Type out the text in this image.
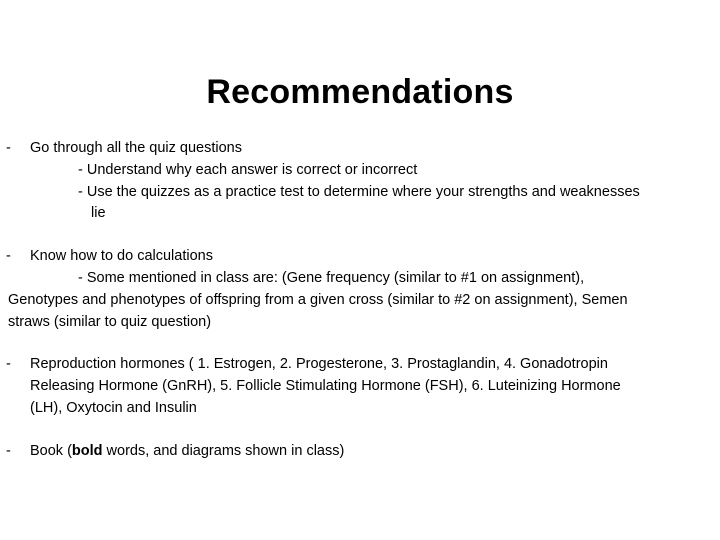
Recommendations
- Go through all the quiz questions
- Understand why each answer is correct or incorrect
- Use the quizzes as a practice test to determine where your strengths and weaknesses
lie
- Know how to do calculations
- Some mentioned in class are: (Gene frequency (similar to #1 on assignment),
Genotypes and phenotypes of offspring from a given cross (similar to #2 on assignment), Semen
straws (similar to quiz question)
- Reproduction hormones ( 1. Estrogen, 2. Progesterone, 3. Prostaglandin, 4. Gonadotropin
Releasing Hormone (GnRH), 5. Follicle Stimulating Hormone (FSH), 6. Luteinizing Hormone
(LH), Oxytocin and Insulin
- Book (bold words, and diagrams shown in class)
